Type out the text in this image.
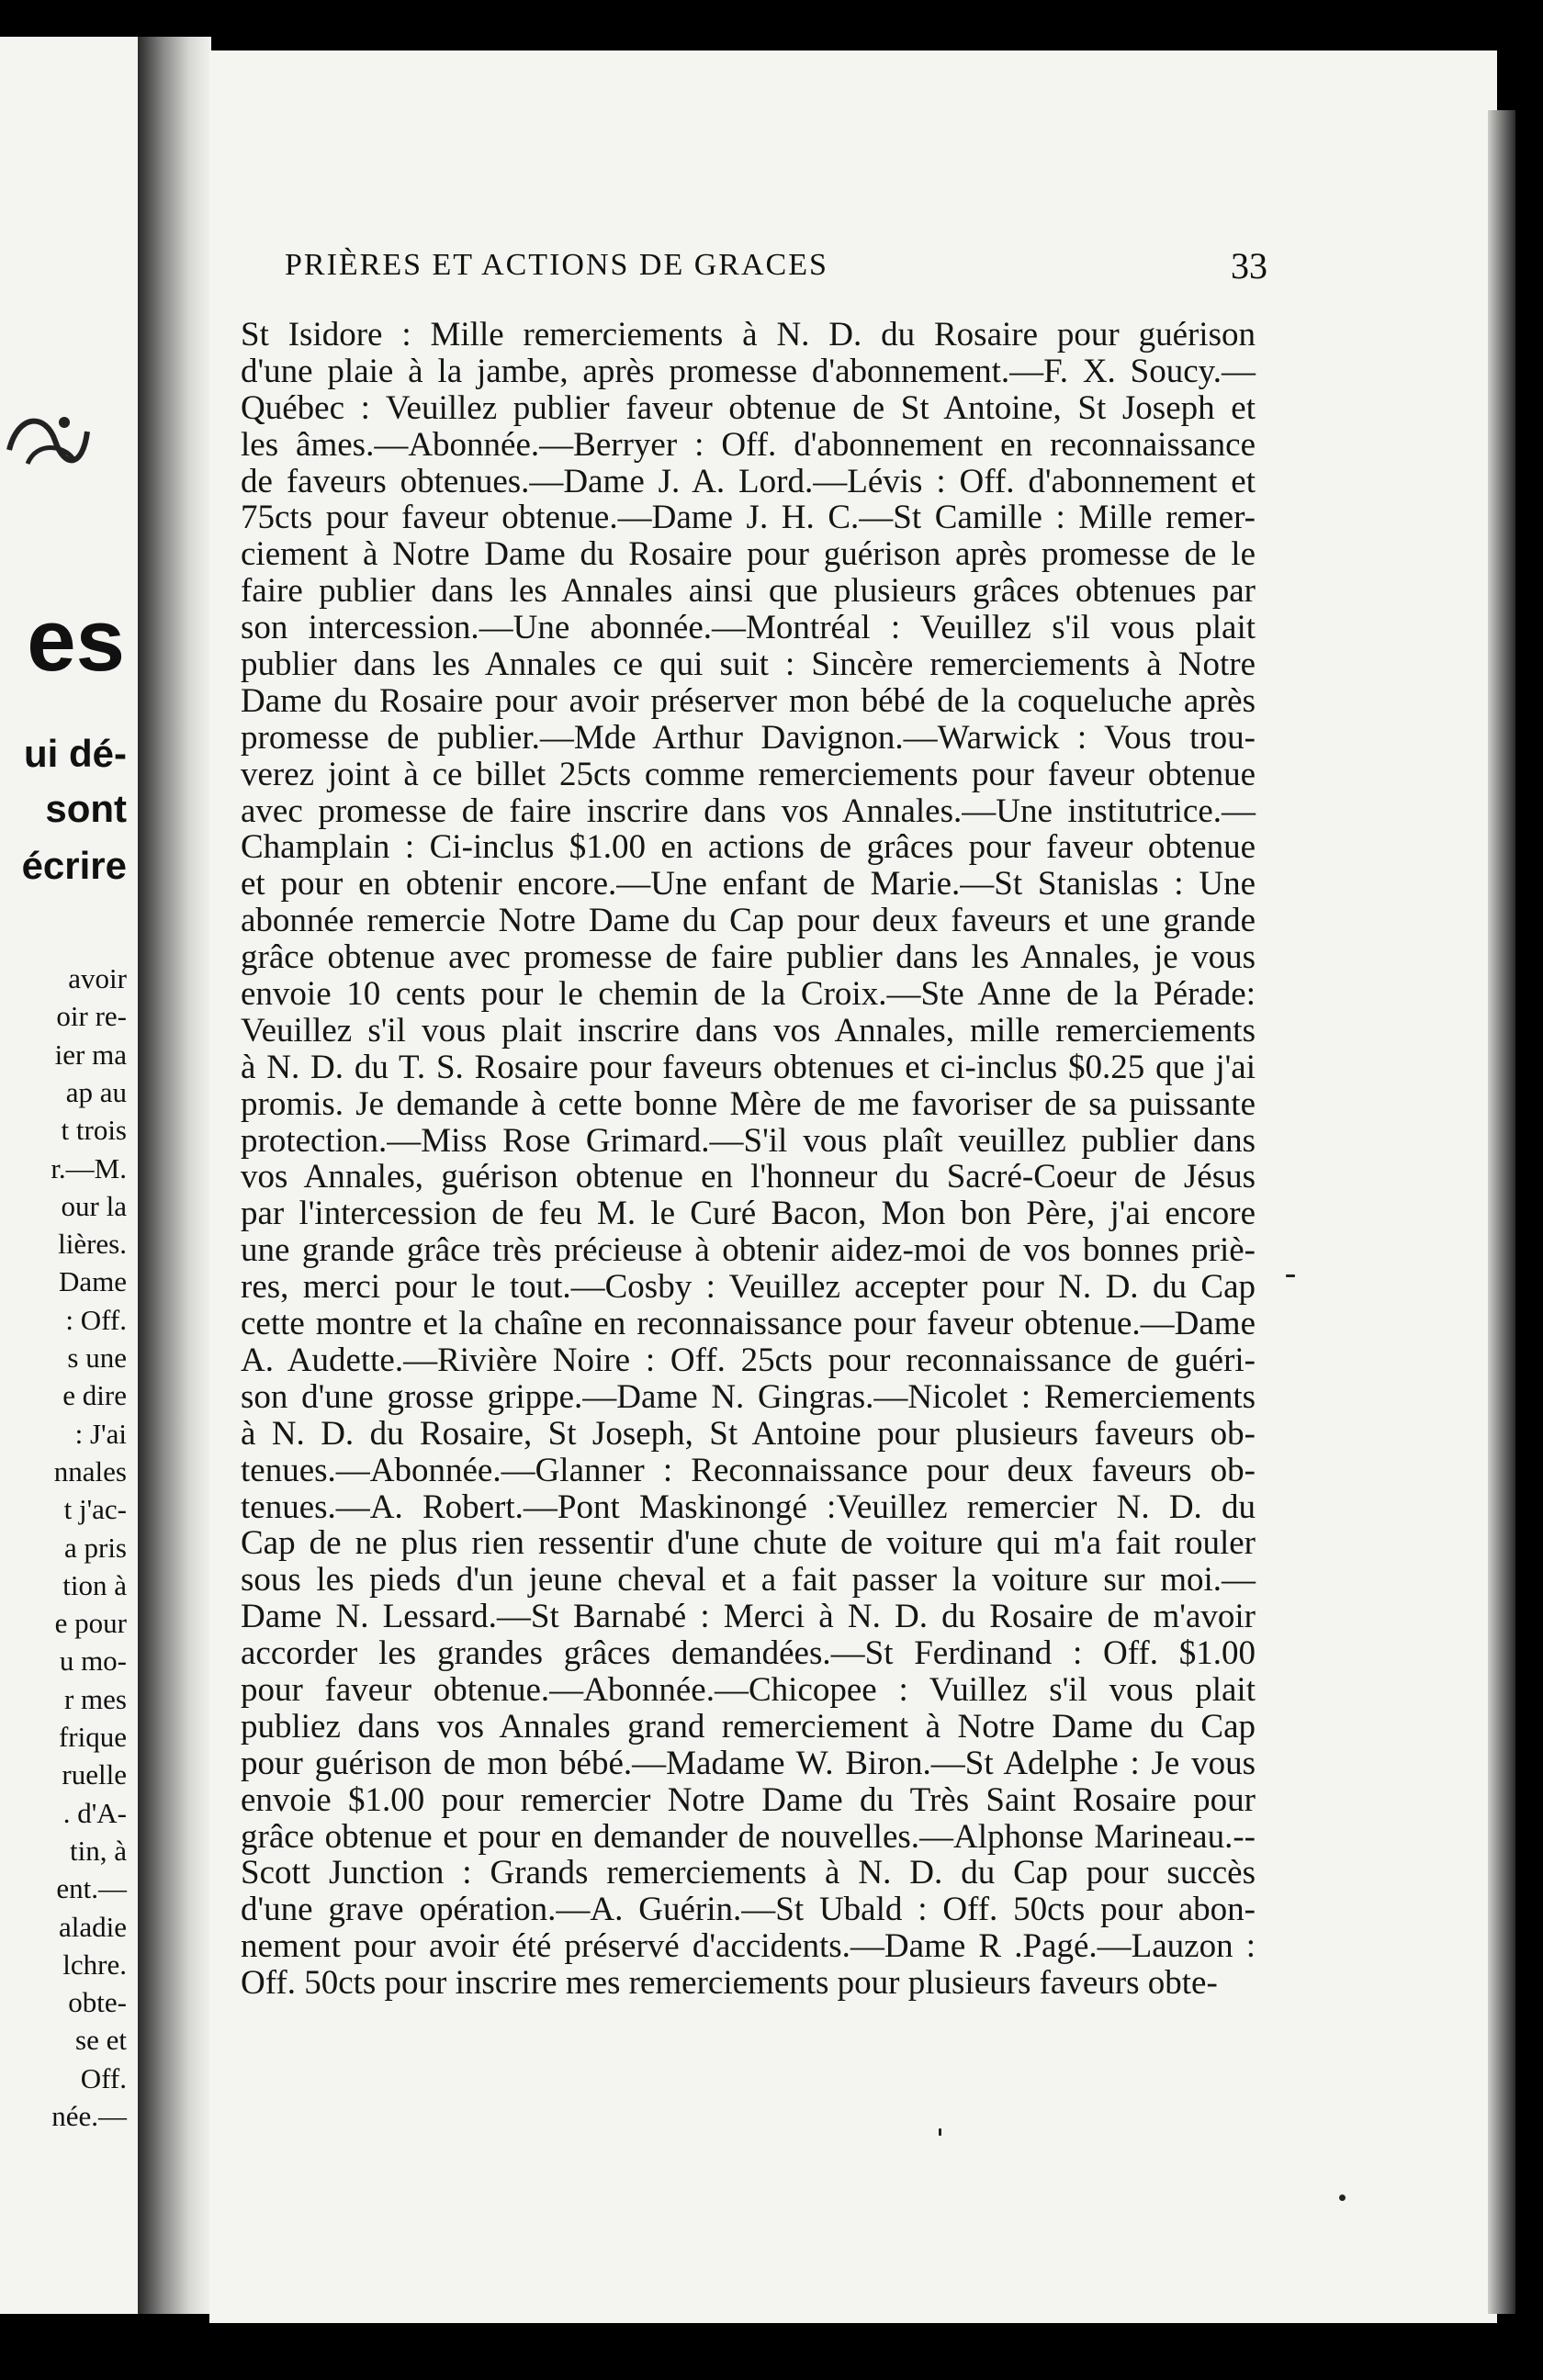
es
ui dé-
sont
écrire
avoir
oir re-
ier ma
ap au
t trois
r.—M.
our la
lières.
Dame
: Off.
s une
e dire
: J'ai
nnales
t j'ac-
a pris
tion à
e pour
u mo-
r mes
frique
ruelle
. d'A-
tin, à
ent.—
aladie
lchre.
obte-
se et
Off.
née.—
PRIÈRES ET ACTIONS DE GRACES	33
St Isidore : Mille remerciements à N. D. du Rosaire pour guérison
d'une plaie à la jambe, après promesse d'abonnement.—F. X. Soucy.—
Québec : Veuillez publier faveur obtenue de St Antoine, St Joseph et
les âmes.—Abonnée.—Berryer : Off. d'abonnement en reconnaissance
de faveurs obtenues.—Dame J. A. Lord.—Lévis : Off. d'abonnement et
75cts pour faveur obtenue.—Dame J. H. C.—St Camille : Mille remer-
ciement à Notre Dame du Rosaire pour guérison après promesse de le
faire publier dans les Annales ainsi que plusieurs grâces obtenues par
son intercession.—Une abonnée.—Montréal : Veuillez s'il vous plait
publier dans les Annales ce qui suit : Sincère remerciements à Notre
Dame du Rosaire pour avoir préserver mon bébé de la coqueluche après
promesse de publier.—Mde Arthur Davignon.—Warwick : Vous trou-
verez joint à ce billet 25cts comme remerciements pour faveur obtenue
avec promesse de faire inscrire dans vos Annales.—Une institutrice.—
Champlain : Ci-inclus $1.00 en actions de grâces pour faveur obtenue
et pour en obtenir encore.—Une enfant de Marie.—St Stanislas : Une
abonnée remercie Notre Dame du Cap pour deux faveurs et une grande
grâce obtenue avec promesse de faire publier dans les Annales, je vous
envoie 10 cents pour le chemin de la Croix.—Ste Anne de la Pérade:
Veuillez s'il vous plait inscrire dans vos Annales, mille remerciements
à N. D. du T. S. Rosaire pour faveurs obtenues et ci-inclus $0.25 que j'ai
promis. Je demande à cette bonne Mère de me favoriser de sa puissante
protection.—Miss Rose Grimard.—S'il vous plaît veuillez publier dans
vos Annales, guérison obtenue en l'honneur du Sacré-Coeur de Jésus
par l'intercession de feu M. le Curé Bacon, Mon bon Père, j'ai encore
une grande grâce très précieuse à obtenir aidez-moi de vos bonnes priè-
res, merci pour le tout.—Cosby : Veuillez accepter pour N. D. du Cap
cette montre et la chaîne en reconnaissance pour faveur obtenue.—Dame
A. Audette.—Rivière Noire : Off. 25cts pour reconnaissance de guéri-
son d'une grosse grippe.—Dame N. Gingras.—Nicolet : Remerciements
à N. D. du Rosaire, St Joseph, St Antoine pour plusieurs faveurs ob-
tenues.—Abonnée.—Glanner : Reconnaissance pour deux faveurs ob-
tenues.—A. Robert.—Pont Maskinongé :Veuillez remercier N. D. du
Cap de ne plus rien ressentir d'une chute de voiture qui m'a fait rouler
sous les pieds d'un jeune cheval et a fait passer la voiture sur moi.—
Dame N. Lessard.—St Barnabé : Merci à N. D. du Rosaire de m'avoir
accorder les grandes grâces demandées.—St Ferdinand : Off. $1.00
pour faveur obtenue.—Abonnée.—Chicopee : Vuillez s'il vous plait
publiez dans vos Annales grand remerciement à Notre Dame du Cap
pour guérison de mon bébé.—Madame W. Biron.—St Adelphe : Je vous
envoie $1.00 pour remercier Notre Dame du Très Saint Rosaire pour
grâce obtenue et pour en demander de nouvelles.—Alphonse Marineau.--
Scott Junction : Grands remerciements à N. D. du Cap pour succès
d'une grave opération.—A. Guérin.—St Ubald : Off. 50cts pour abon-
nement pour avoir été préservé d'accidents.—Dame R .Pagé.—Lauzon :
Off. 50cts pour inscrire mes remerciements pour plusieurs faveurs obte-
